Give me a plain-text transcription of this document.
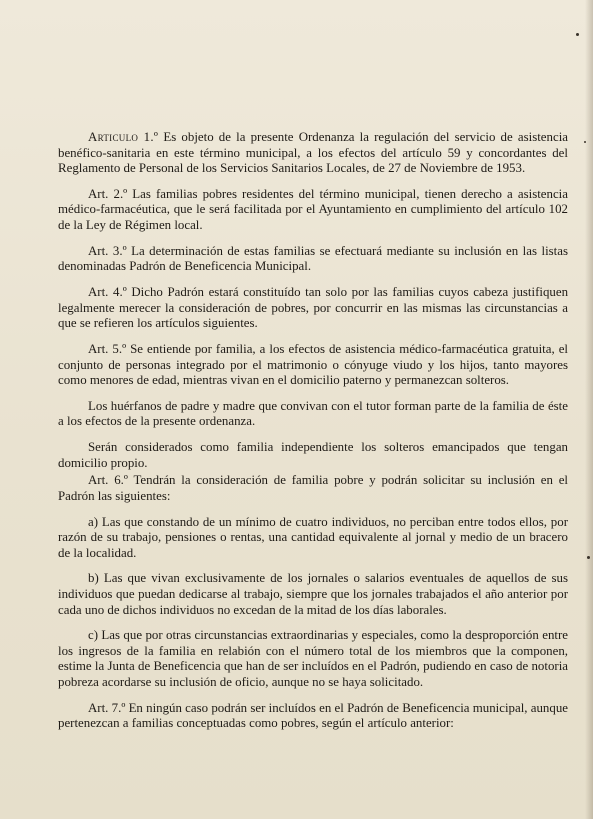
Articulo 1.º Es objeto de la presente Ordenanza la regulación del servicio de asistencia benéfico-sanitaria en este término municipal, a los efectos del artículo 59 y concordantes del Reglamento de Personal de los Servicios Sanitarios Locales, de 27 de Noviembre de 1953.

Art. 2.º Las familias pobres residentes del término municipal, tienen derecho a asistencia médico-farmacéutica, que le será facilitada por el Ayuntamiento en cumplimiento del artículo 102 de la Ley de Régimen local.

Art. 3.º La determinación de estas familias se efectuará mediante su inclusión en las listas denominadas Padrón de Beneficencia Municipal.

Art. 4.º Dicho Padrón estará constituído tan solo por las familias cuyos cabeza justifiquen legalmente merecer la consideración de pobres, por concurrir en las mismas las circunstancias a que se refieren los artículos siguientes.

Art. 5.º Se entiende por familia, a los efectos de asistencia médico-farmacéutica gratuita, el conjunto de personas integrado por el matrimonio o cónyuge viudo y los hijos, tanto mayores como menores de edad, mientras vivan en el domicilio paterno y permanezcan solteros.

Los huérfanos de padre y madre que convivan con el tutor forman parte de la familia de éste a los efectos de la presente ordenanza.

Serán considerados como familia independiente los solteros emancipados que tengan domicilio propio.

Art. 6.º Tendrán la consideración de familia pobre y podrán solicitar su inclusión en el Padrón las siguientes:

a) Las que constando de un mínimo de cuatro individuos, no perciban entre todos ellos, por razón de su trabajo, pensiones o rentas, una cantidad equivalente al jornal y medio de un bracero de la localidad.

b) Las que vivan exclusivamente de los jornales o salarios eventuales de aquellos de sus individuos que puedan dedicarse al trabajo, siempre que los jornales trabajados el año anterior por cada uno de dichos individuos no excedan de la mitad de los días laborales.

c) Las que por otras circunstancias extraordinarias y especiales, como la desproporción entre los ingresos de la familia en relabión con el número total de los miembros que la componen, estime la Junta de Beneficencia que han de ser incluídos en el Padrón, pudiendo en caso de notoria pobreza acordarse su inclusión de oficio, aunque no se haya solicitado.

Art. 7.º En ningún caso podrán ser incluídos en el Padrón de Beneficencia municipal, aunque pertenezcan a familias conceptuadas como pobres, según el artículo anterior:
